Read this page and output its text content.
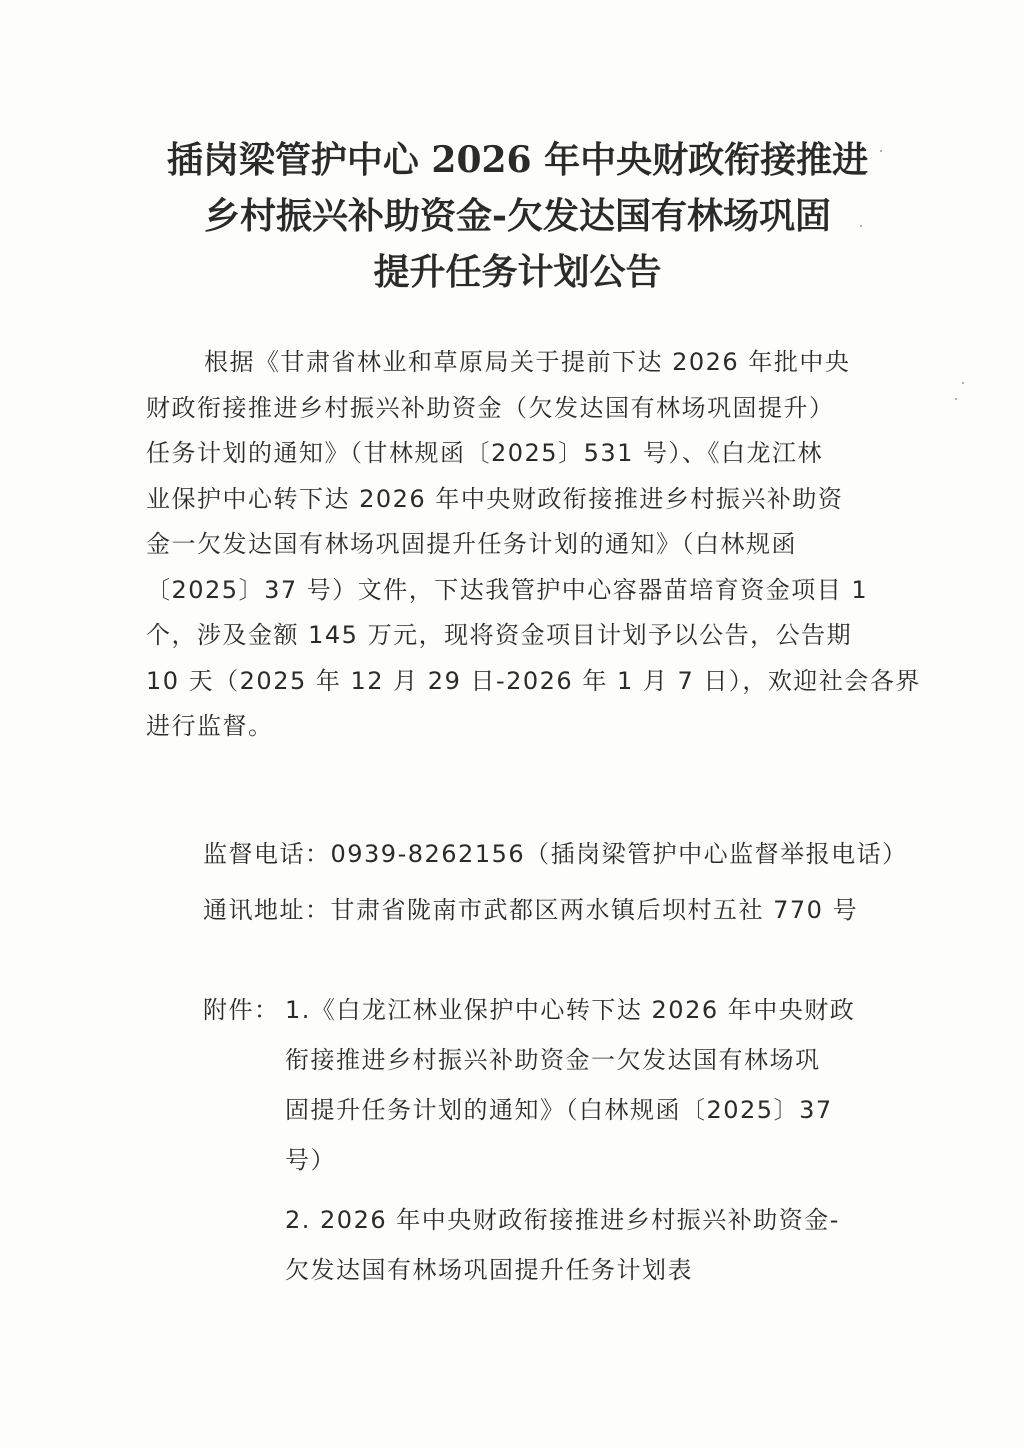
插岗梁管护中心 2026 年中央财政衔接推进
乡村振兴补助资金-欠发达国有林场巩固
提升任务计划公告
根据《甘肃省林业和草原局关于提前下达 2026 年批中央
财政衔接推进乡村振兴补助资金（欠发达国有林场巩固提升）
任务计划的通知》（甘林规函〔2025〕531 号）、《白龙江林
业保护中心转下达 2026 年中央财政衔接推进乡村振兴补助资
金一欠发达国有林场巩固提升任务计划的通知》（白林规函
〔2025〕37 号）文件，下达我管护中心容器苗培育资金项目 1
个，涉及金额 145 万元，现将资金项目计划予以公告，公告期
10 天（2025 年 12 月 29 日-2026 年 1 月 7 日），欢迎社会各界
进行监督。
监督电话：0939-8262156（插岗梁管护中心监督举报电话）
通讯地址：甘肃省陇南市武都区两水镇后坝村五社 770 号
附件： 1.《白龙江林业保护中心转下达 2026 年中央财政
衔接推进乡村振兴补助资金一欠发达国有林场巩
固提升任务计划的通知》（白林规函〔2025〕37
号）
2. 2026 年中央财政衔接推进乡村振兴补助资金-
欠发达国有林场巩固提升任务计划表
